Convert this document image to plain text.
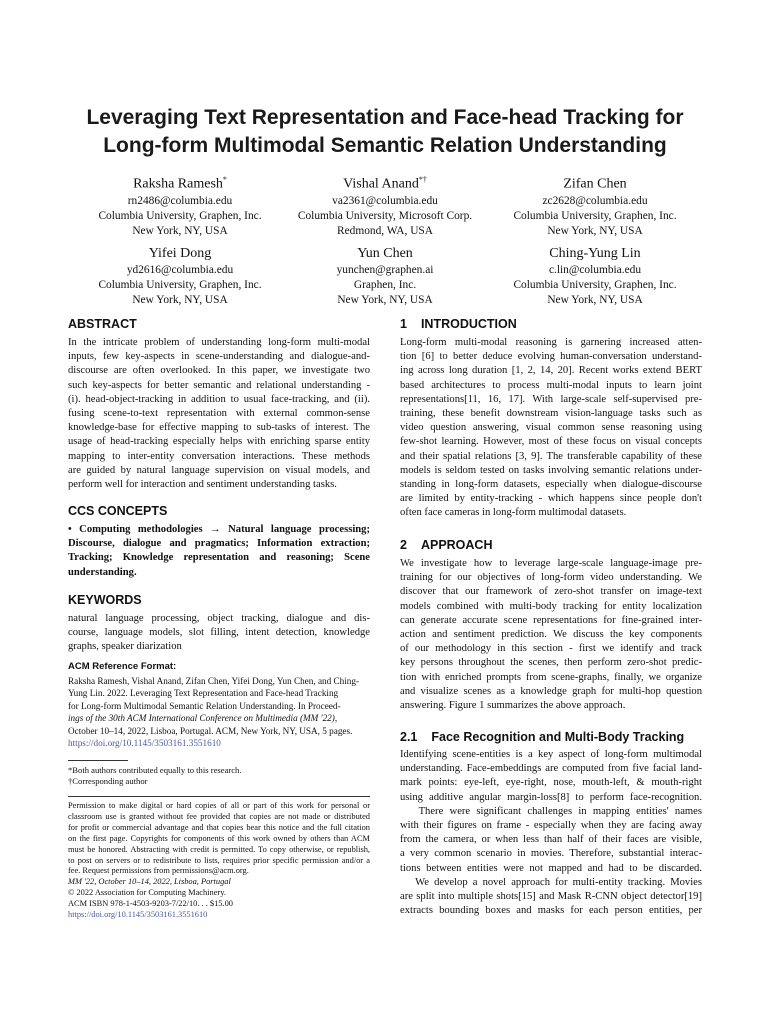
Leveraging Text Representation and Face-head Tracking for
Long-form Multimodal Semantic Relation Understanding
Raksha Ramesh*
rn2486@columbia.edu
Columbia University, Graphen, Inc.
New York, NY, USA
Vishal Anand*†
va2361@columbia.edu
Columbia University, Microsoft Corp.
Redmond, WA, USA
Zifan Chen
zc2628@columbia.edu
Columbia University, Graphen, Inc.
New York, NY, USA
Yifei Dong
yd2616@columbia.edu
Columbia University, Graphen, Inc.
New York, NY, USA
Yun Chen
yunchen@graphen.ai
Graphen, Inc.
New York, NY, USA
Ching-Yung Lin
c.lin@columbia.edu
Columbia University, Graphen, Inc.
New York, NY, USA
ABSTRACT
In the intricate problem of understanding long-form multi-modal
inputs, few key-aspects in scene-understanding and dialogue-and-
discourse are often overlooked. In this paper, we investigate two
such key-aspects for better semantic and relational understanding -
(i). head-object-tracking in addition to usual face-tracking, and (ii).
fusing scene-to-text representation with external common-sense
knowledge-base for effective mapping to sub-tasks of interest. The
usage of head-tracking especially helps with enriching sparse entity
mapping to inter-entity conversation interactions. These methods
are guided by natural language supervision on visual models, and
perform well for interaction and sentiment understanding tasks.
CCS CONCEPTS
• Computing methodologies → Natural language processing;
Discourse, dialogue and pragmatics; Information extraction;
Tracking; Knowledge representation and reasoning; Scene
understanding.
KEYWORDS
natural language processing, object tracking, dialogue and dis-
course, language models, slot filling, intent detection, knowledge
graphs, speaker diarization
ACM Reference Format:
Raksha Ramesh, Vishal Anand, Zifan Chen, Yifei Dong, Yun Chen, and Ching-
Yung Lin. 2022. Leveraging Text Representation and Face-head Tracking
for Long-form Multimodal Semantic Relation Understanding. In Proceed-
ings of the 30th ACM International Conference on Multimedia (MM '22),
October 10–14, 2022, Lisboa, Portugal. ACM, New York, NY, USA, 5 pages.
https://doi.org/10.1145/3503161.3551610
*Both authors contributed equally to this research.
†Corresponding author
Permission to make digital or hard copies of all or part of this work for personal or
classroom use is granted without fee provided that copies are not made or distributed
for profit or commercial advantage and that copies bear this notice and the full citation
on the first page. Copyrights for components of this work owned by others than ACM
must be honored. Abstracting with credit is permitted. To copy otherwise, or republish,
to post on servers or to redistribute to lists, requires prior specific permission and/or a
fee. Request permissions from permissions@acm.org.
MM '22, October 10–14, 2022, Lisboa, Portugal
© 2022 Association for Computing Machinery.
ACM ISBN 978-1-4503-9203-7/22/10. . . $15.00
https://doi.org/10.1145/3503161.3551610
1 INTRODUCTION
Long-form multi-modal reasoning is garnering increased atten-
tion [6] to better deduce evolving human-conversation understand-
ing across long duration [1, 2, 14, 20]. Recent works extend BERT
based architectures to process multi-modal inputs to learn joint
representations[11, 16, 17]. With large-scale self-supervised pre-
training, these benefit downstream vision-language tasks such as
video question answering, visual common sense reasoning using
few-shot learning. However, most of these focus on visual concepts
and their spatial relations [3, 9]. The transferable capability of these
models is seldom tested on tasks involving semantic relations under-
standing in long-form datasets, especially when dialogue-discourse
are limited by entity-tracking - which happens since people don't
often face cameras in long-form multimodal datasets.
2 APPROACH
We investigate how to leverage large-scale language-image pre-
training for our objectives of long-form video understanding. We
discover that our framework of zero-shot transfer on image-text
models combined with multi-body tracking for entity localization
can generate accurate scene representations for fine-grained inter-
action and sentiment prediction. We discuss the key components
of our methodology in this section - first we identify and track
key persons throughout the scenes, then perform zero-shot predic-
tion with enriched prompts from scene-graphs, finally, we organize
and visualize scenes as a knowledge graph for multi-hop question
answering. Figure 1 summarizes the above approach.
2.1 Face Recognition and Multi-Body Tracking
Identifying scene-entities is a key aspect of long-form multimodal
understanding. Face-embeddings are computed from five facial land-
mark points: eye-left, eye-right, nose, mouth-left, & mouth-right
using additive angular margin-loss[8] to perform face-recognition.
There were significant challenges in mapping entities' names
with their figures on frame - especially when they are facing away
from the camera, or when less than half of their faces are visible,
a very common scenario in movies. Therefore, substantial interac-
tions between entities were not mapped and had to be discarded.
We develop a novel approach for multi-entity tracking. Movies
are split into multiple shots[15] and Mask R-CNN object detector[19]
extracts bounding boxes and masks for each person entities, per
